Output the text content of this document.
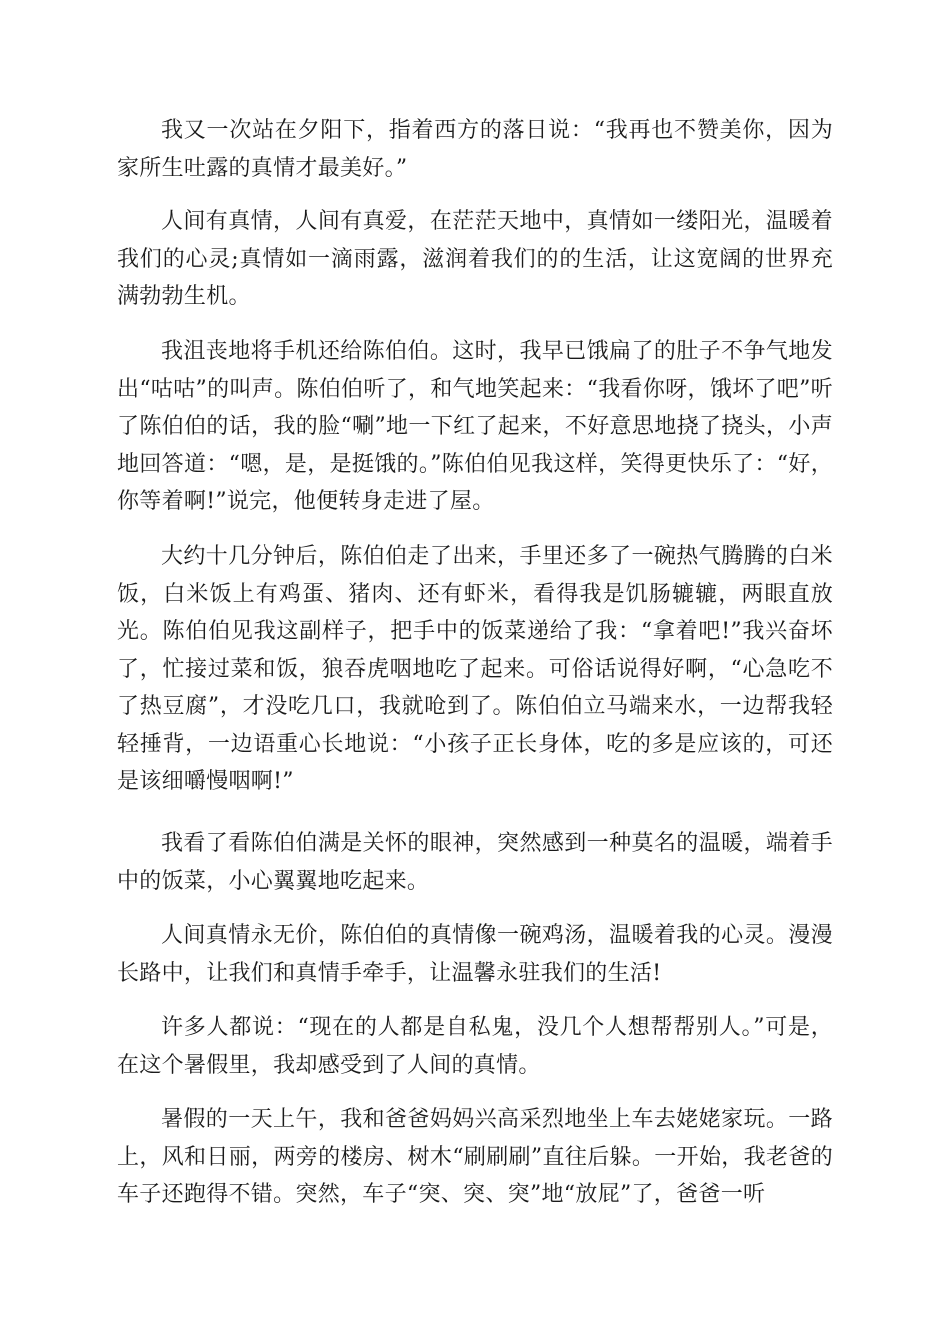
我又一次站在夕阳下，指着西方的落日说：“我再也不赞美你，因为家所生吐露的真情才最美好。”

人间有真情，人间有真爱，在茫茫天地中，真情如一缕阳光，温暖着我们的心灵;真情如一滴雨露，滋润着我们的的生活，让这宽阔的世界充满勃勃生机。

我沮丧地将手机还给陈伯伯。这时，我早已饿扁了的肚子不争气地发出“咕咕”的叫声。陈伯伯听了，和气地笑起来：“我看你呀，饿坏了吧”听了陈伯伯的话，我的脸“唰”地一下红了起来，不好意思地挠了挠头，小声地回答道：“嗯，是，是挺饿的。”陈伯伯见我这样，笑得更快乐了：“好，你等着啊!”说完，他便转身走进了屋。

大约十几分钟后，陈伯伯走了出来，手里还多了一碗热气腾腾的白米饭，白米饭上有鸡蛋、猪肉、还有虾米，看得我是饥肠辘辘，两眼直放光。陈伯伯见我这副样子，把手中的饭菜递给了我：“拿着吧!”我兴奋坏了，忙接过菜和饭，狼吞虎咽地吃了起来。可俗话说得好啊，“心急吃不了热豆腐”，才没吃几口，我就呛到了。陈伯伯立马端来水，一边帮我轻轻捶背，一边语重心长地说：“小孩子正长身体，吃的多是应该的，可还是该细嚼慢咽啊!”

我看了看陈伯伯满是关怀的眼神，突然感到一种莫名的温暖，端着手中的饭菜，小心翼翼地吃起来。

人间真情永无价，陈伯伯的真情像一碗鸡汤，温暖着我的心灵。漫漫长路中，让我们和真情手牵手，让温馨永驻我们的生活!

许多人都说：“现在的人都是自私鬼，没几个人想帮帮别人。”可是，在这个暑假里，我却感受到了人间的真情。

暑假的一天上午，我和爸爸妈妈兴高采烈地坐上车去姥姥家玩。一路上，风和日丽，两旁的楼房、树木“刷刷刷”直往后躲。一开始，我老爸的车子还跑得不错。突然，车子“突、突、突”地“放屁”了，爸爸一听
